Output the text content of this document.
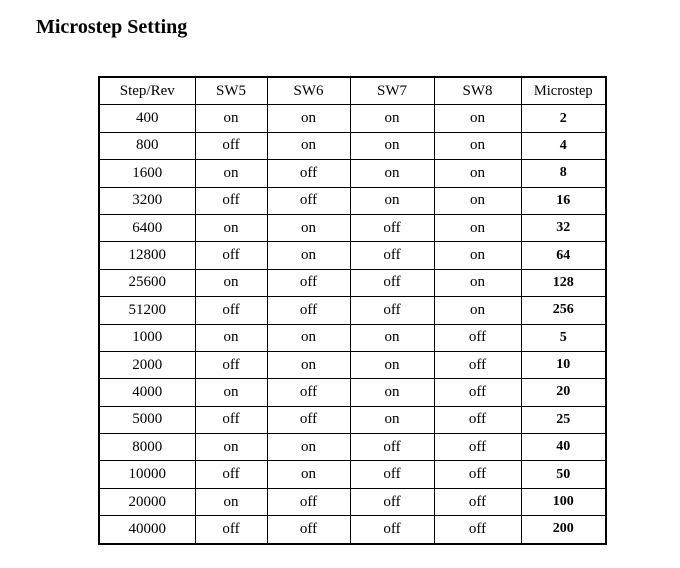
Microstep Setting
Step/Rev	SW5	SW6	SW7	SW8	Microstep
400	on	on	on	on	2
800	off	on	on	on	4
1600	on	off	on	on	8
3200	off	off	on	on	16
6400	on	on	off	on	32
12800	off	on	off	on	64
25600	on	off	off	on	128
51200	off	off	off	on	256
1000	on	on	on	off	5
2000	off	on	on	off	10
4000	on	off	on	off	20
5000	off	off	on	off	25
8000	on	on	off	off	40
10000	off	on	off	off	50
20000	on	off	off	off	100
40000	off	off	off	off	200
